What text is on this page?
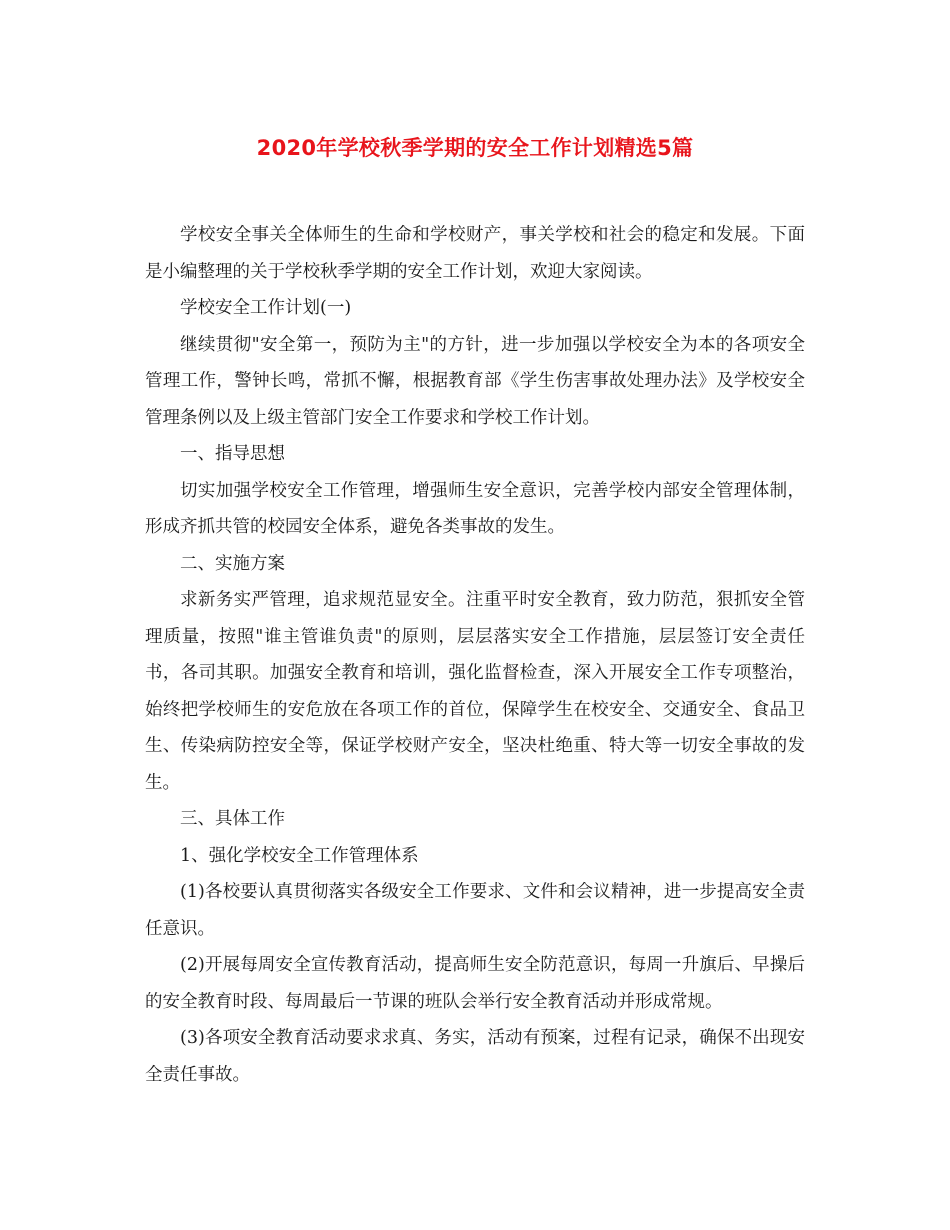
2020年学校秋季学期的安全工作计划精选5篇

学校安全事关全体师生的生命和学校财产，事关学校和社会的稳定和发展。下面是小编整理的关于学校秋季学期的安全工作计划，欢迎大家阅读。

学校安全工作计划(一)

继续贯彻"安全第一，预防为主"的方针，进一步加强以学校安全为本的各项安全管理工作，警钟长鸣，常抓不懈，根据教育部《学生伤害事故处理办法》及学校安全管理条例以及上级主管部门安全工作要求和学校工作计划。

一、指导思想

切实加强学校安全工作管理，增强师生安全意识，完善学校内部安全管理体制，形成齐抓共管的校园安全体系，避免各类事故的发生。

二、实施方案

求新务实严管理，追求规范显安全。注重平时安全教育，致力防范，狠抓安全管理质量，按照"谁主管谁负责"的原则，层层落实安全工作措施，层层签订安全责任书，各司其职。加强安全教育和培训，强化监督检查，深入开展安全工作专项整治，始终把学校师生的安危放在各项工作的首位，保障学生在校安全、交通安全、食品卫生、传染病防控安全等，保证学校财产安全，坚决杜绝重、特大等一切安全事故的发生。

三、具体工作

1、强化学校安全工作管理体系

(1)各校要认真贯彻落实各级安全工作要求、文件和会议精神，进一步提高安全责任意识。

(2)开展每周安全宣传教育活动，提高师生安全防范意识，每周一升旗后、早操后的安全教育时段、每周最后一节课的班队会举行安全教育活动并形成常规。

(3)各项安全教育活动要求求真、务实，活动有预案，过程有记录，确保不出现安全责任事故。
